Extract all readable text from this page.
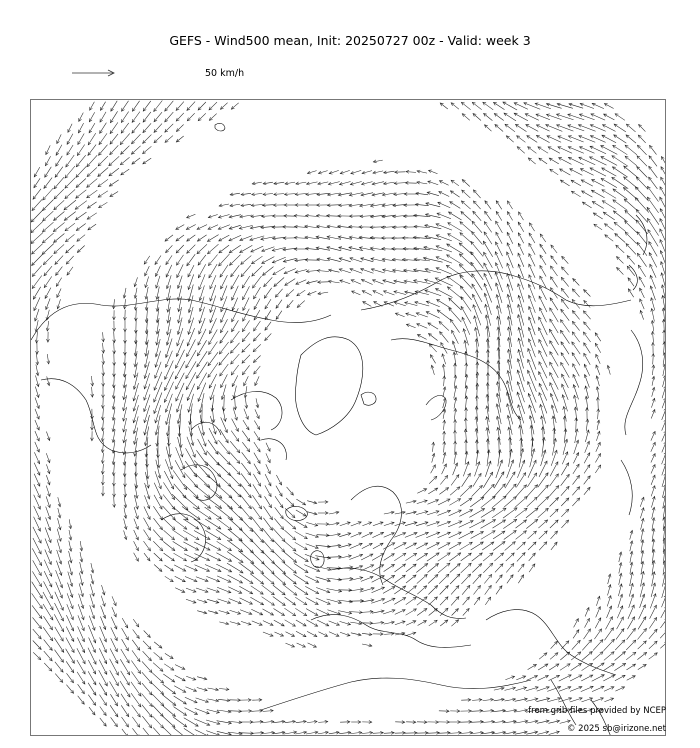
GEFS - Wind500 mean, Init: 20250727 00z - Valid: week 3
50 km/h
from grib files provided by NCEP
© 2025 sb@irizone.net
